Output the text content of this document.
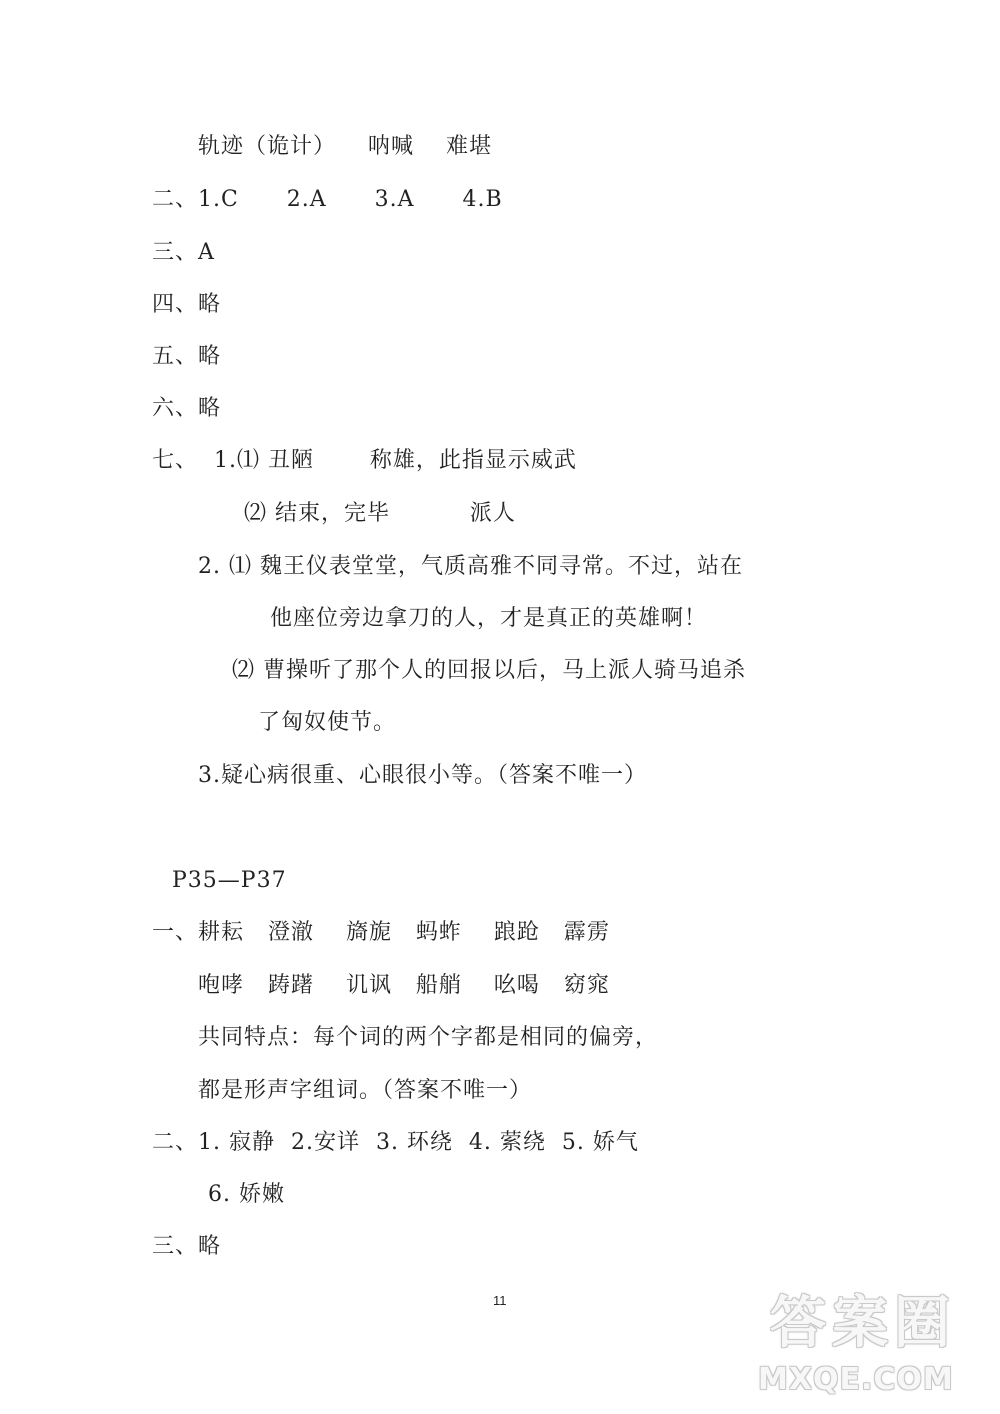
轨迹（诡计）    呐喊    难堪
二、1.C      2.A      3.A      4.B
三、A
四、略
五、略
六、略
七、  1.⑴ 丑陋       称雄，此指显示威武
⑵ 结束，完毕          派人
2. ⑴ 魏王仪表堂堂，气质高雅不同寻常。不过，站在
他座位旁边拿刀的人，才是真正的英雄啊！
⑵ 曹操听了那个人的回报以后，马上派人骑马追杀
了匈奴使节。
3.疑心病很重、心眼很小等。（答案不唯一）
P35—P37
一、耕耘   澄澈    旖旎   蚂蚱    踉跄   霹雳
咆哮   踌躇    讥讽   船艄    吆喝   窈窕
共同特点：每个词的两个字都是相同的偏旁，
都是形声字组词。（答案不唯一）
二、1. 寂静  2.安详  3. 环绕  4. 萦绕  5. 娇气
6. 娇嫩
三、略
11	答案圈
MXQE.COM
